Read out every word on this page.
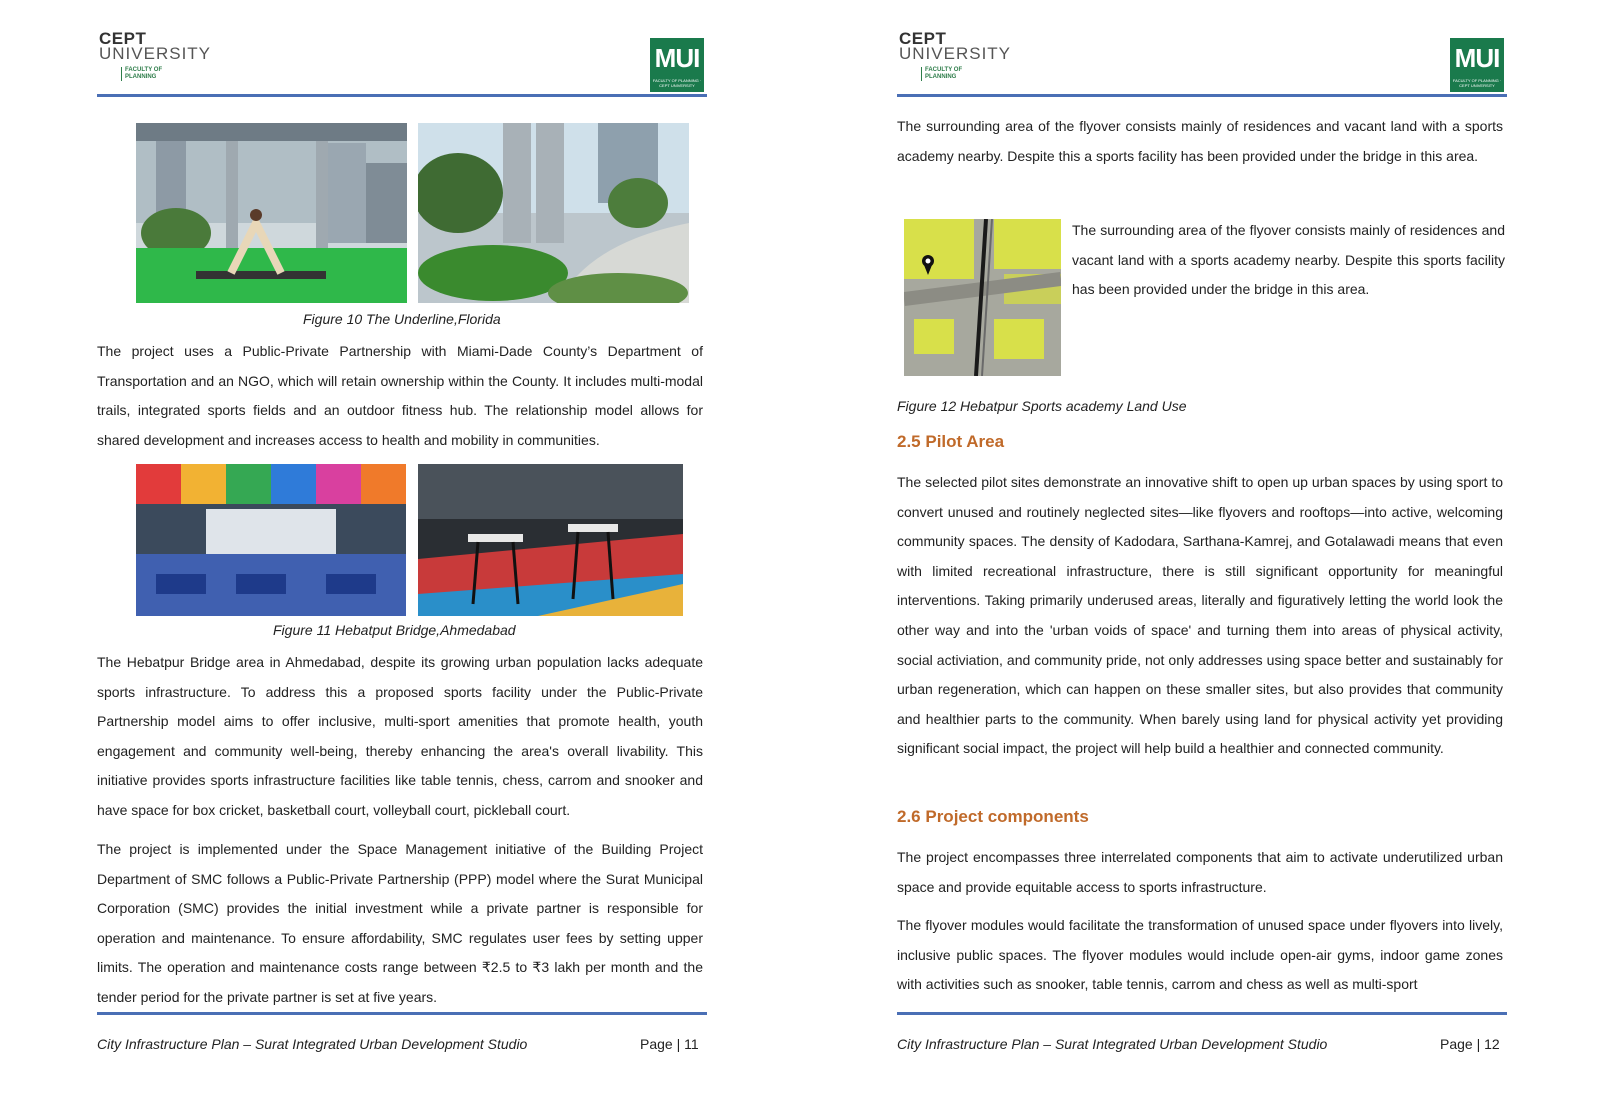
CEPT
UNIVERSITY
FACULTY OF PLANNING
MUI
FACULTY OF PLANNING · CEPT UNIVERSITY
Figure 10 The Underline,Florida
The project uses a Public-Private Partnership with Miami-Dade County’s Department of Transportation and an NGO, which will retain ownership within the County. It includes multi-modal trails, integrated sports fields and an outdoor fitness hub. The relationship model allows for shared development and increases access to health and mobility in communities.
Figure 11 Hebatput Bridge,Ahmedabad
The Hebatpur Bridge area in Ahmedabad, despite its growing urban population lacks adequate sports infrastructure. To address this a proposed sports facility under the Public-Private Partnership model aims to offer inclusive, multi-sport amenities that promote health, youth engagement and community well-being, thereby enhancing the area's overall livability. This initiative provides sports infrastructure facilities like table tennis, chess, carrom and snooker and have space for box cricket, basketball court, volleyball court, pickleball court.
The project is implemented under the Space Management initiative of the Building Project Department of SMC follows a Public-Private Partnership (PPP) model where the Surat Municipal Corporation (SMC) provides the initial investment while a private partner is responsible for operation and maintenance. To ensure affordability, SMC regulates user fees by setting upper limits. The operation and maintenance costs range between ₹2.5 to ₹3 lakh per month and the tender period for the private partner is set at five years.
City Infrastructure Plan – Surat Integrated Urban Development Studio	Page | 11
CEPT
UNIVERSITY
FACULTY OF PLANNING
MUI
FACULTY OF PLANNING · CEPT UNIVERSITY
The surrounding area of the flyover consists mainly of residences and vacant land with a sports academy nearby. Despite this a sports facility has been provided under the bridge in this area.
The surrounding area of the flyover consists mainly of residences and vacant land with a sports academy nearby. Despite this sports facility has been provided under the bridge in this area.
Figure 12 Hebatpur Sports academy Land Use
2.5 Pilot Area
The selected pilot sites demonstrate an innovative shift to open up urban spaces by using sport to convert unused and routinely neglected sites—like flyovers and rooftops—into active, welcoming community spaces. The density of Kadodara, Sarthana-Kamrej, and Gotalawadi means that even with limited recreational infrastructure, there is still significant opportunity for meaningful interventions. Taking primarily underused areas, literally and figuratively letting the world look the other way and into the 'urban voids of space' and turning them into areas of physical activity, social activiation, and community pride, not only addresses using space better and sustainably for urban regeneration, which can happen on these smaller sites, but also provides that community and healthier parts to the community. When barely using land for physical activity yet providing significant social impact, the project will help build a healthier and connected community.
2.6 Project components
The project encompasses three interrelated components that aim to activate underutilized urban space and provide equitable access to sports infrastructure.
The flyover modules would facilitate the transformation of unused space under flyovers into lively, inclusive public spaces. The flyover modules would include open-air gyms, indoor game zones with activities such as snooker, table tennis, carrom and chess as well as multi-sport
City Infrastructure Plan – Surat Integrated Urban Development Studio	Page | 12
